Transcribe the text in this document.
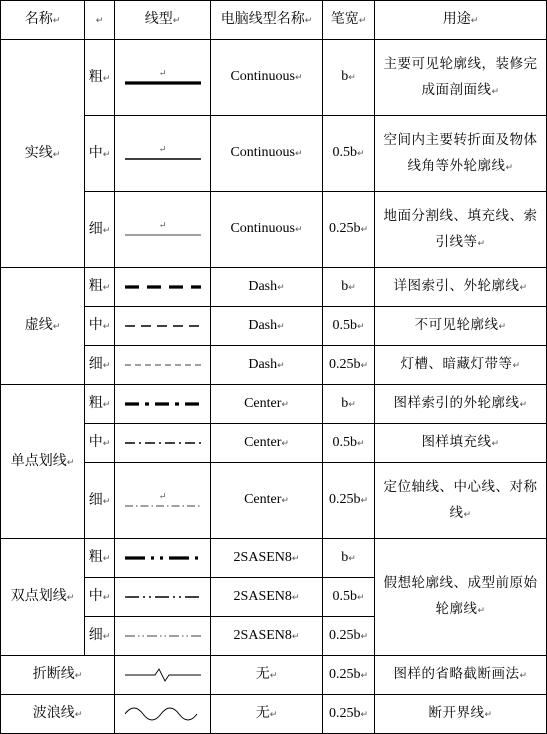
名称↵	↵	线型↵	电脑线型名称↵	笔宽↵	用途↵
实线↵	粗↵	↵	Continuous↵	b↵	主要可见轮廓线，装修完成面剖面线↵
	中↵	↵	Continuous↵	0.5b↵	空间内主要转折面及物体线角等外轮廓线↵
	细↵	↵	Continuous↵	0.25b↵	地面分割线、填充线、索引线等↵
虚线↵	粗↵		Dash↵	b↵	详图索引、外轮廓线↵
	中↵		Dash↵	0.5b↵	不可见轮廓线↵
	细↵		Dash↵	0.25b↵	灯槽、暗藏灯带等↵
单点划线↵	粗↵		Center↵	b↵	图样索引的外轮廓线↵
	中↵		Center↵	0.5b↵	图样填充线↵
	细↵	↵	Center↵	0.25b↵	定位轴线、中心线、对称线↵
双点划线↵	粗↵		2SASEN8↵	b↵	假想轮廓线、成型前原始轮廓线↵
	中↵		2SASEN8↵	0.5b↵	
	细↵		2SASEN8↵	0.25b↵	
折断线↵			无↵	0.25b↵	图样的省略截断画法↵
波浪线↵			无↵	0.25b↵	断开界线↵
